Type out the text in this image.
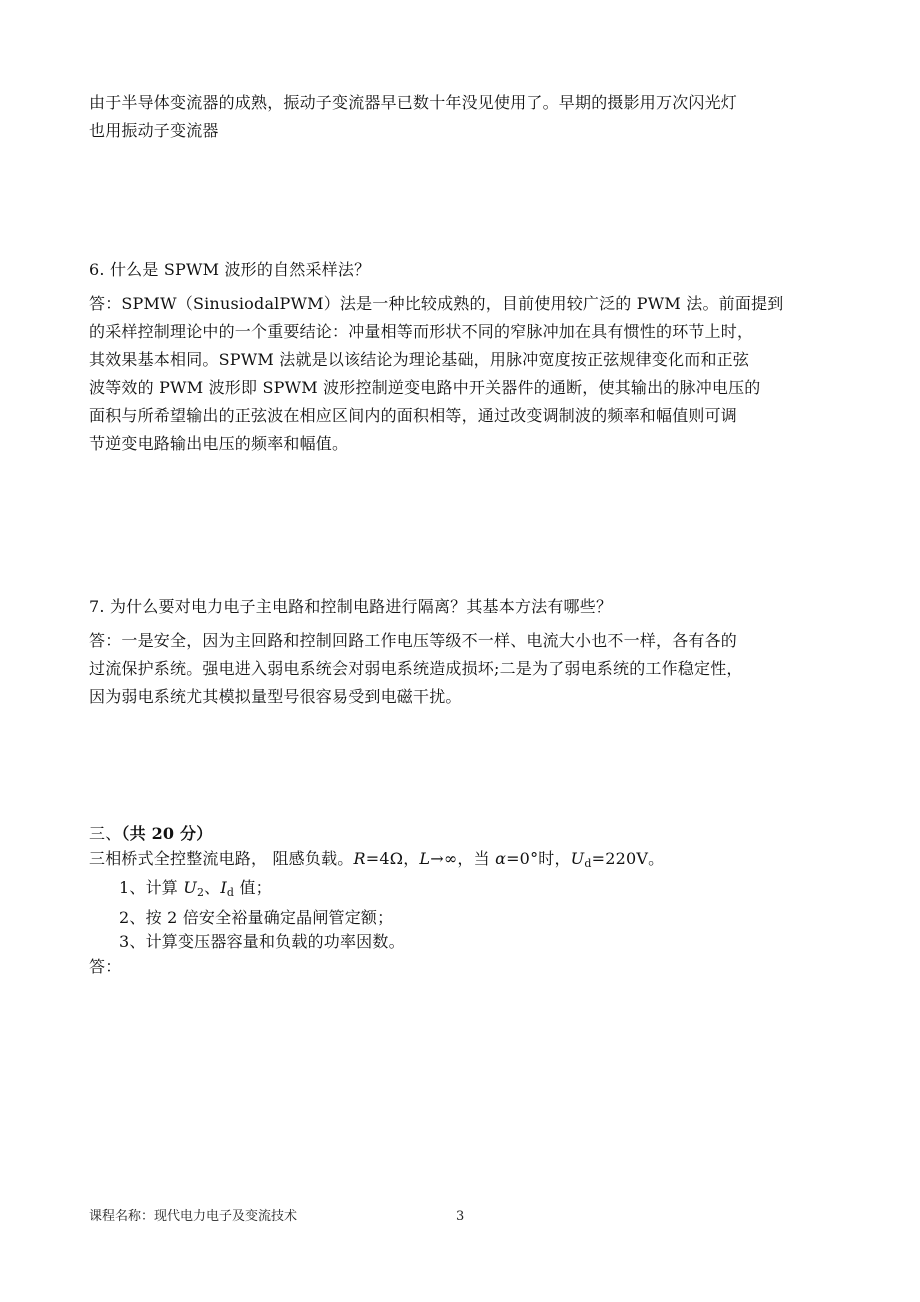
由于半导体变流器的成熟，振动子变流器早已数十年没见使用了。早期的摄影用万次闪光灯
也用振动子变流器
6. 什么是 SPWM 波形的自然采样法？
答：SPMW（SinusiodalPWM）法是一种比较成熟的，目前使用较广泛的 PWM 法。前面提到
的采样控制理论中的一个重要结论：冲量相等而形状不同的窄脉冲加在具有惯性的环节上时，
其效果基本相同。SPWM 法就是以该结论为理论基础，用脉冲宽度按正弦规律变化而和正弦
波等效的 PWM 波形即 SPWM 波形控制逆变电路中开关器件的通断，使其输出的脉冲电压的
面积与所希望输出的正弦波在相应区间内的面积相等，通过改变调制波的频率和幅值则可调
节逆变电路输出电压的频率和幅值。
7. 为什么要对电力电子主电路和控制电路进行隔离？其基本方法有哪些？
答：一是安全，因为主回路和控制回路工作电压等级不一样、电流大小也不一样，各有各的
过流保护系统。强电进入弱电系统会对弱电系统造成损坏;二是为了弱电系统的工作稳定性，
因为弱电系统尤其模拟量型号很容易受到电磁干扰。
三、（共 20 分）
三相桥式全控整流电路， 阻感负载。R=4Ω，L→∞，当 α=0°时，$U_d=220V$。
1、计算 $U_2$、$I_d$ 值；
2、按 2 倍安全裕量确定晶闸管定额；
3、计算变压器容量和负载的功率因数。
答：
课程名称：现代电力电子及变流技术	3
